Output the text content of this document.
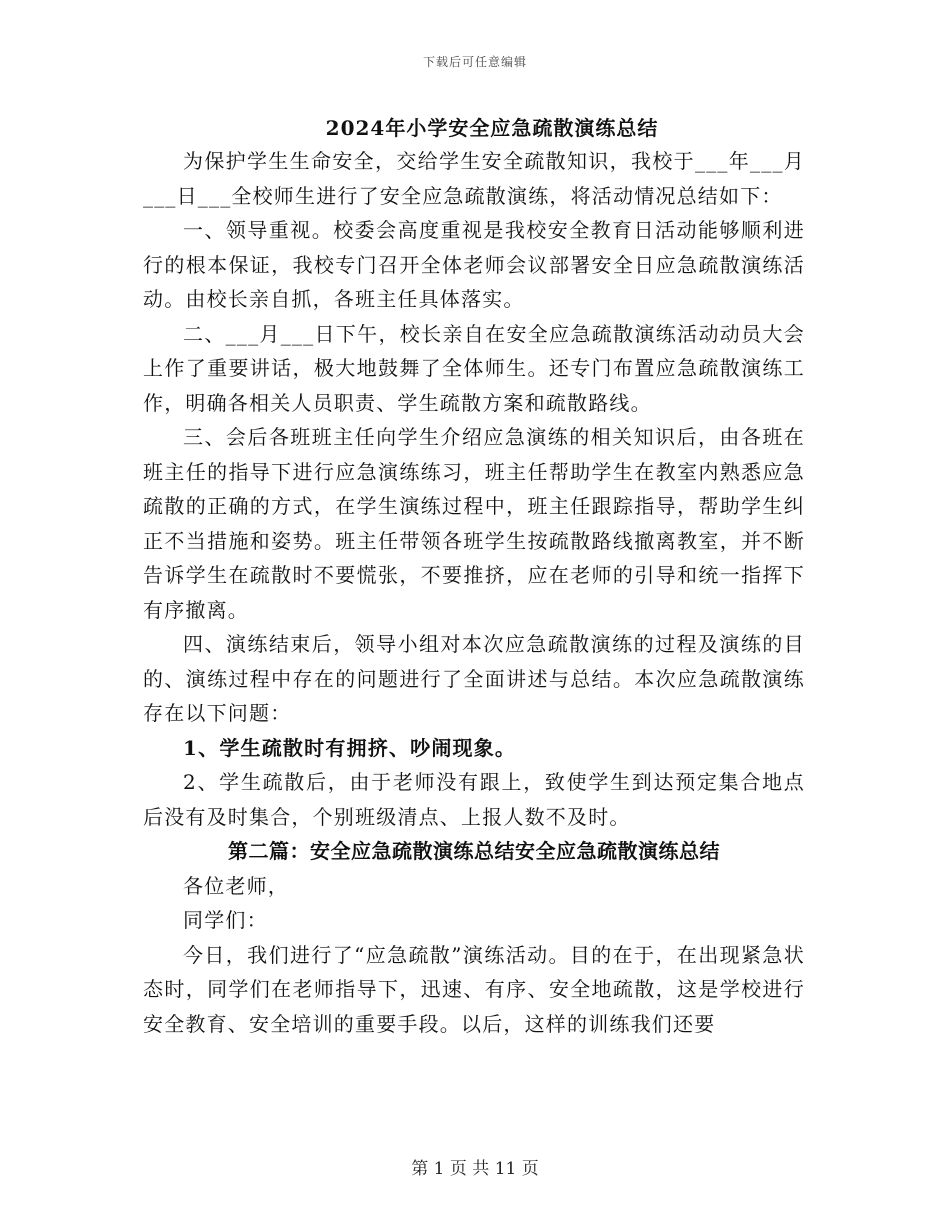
下载后可任意编辑
2024年小学安全应急疏散演练总结

为保护学生生命安全，交给学生安全疏散知识，我校于___年___月___日___全校师生进行了安全应急疏散演练，将活动情况总结如下：

一、领导重视。校委会高度重视是我校安全教育日活动能够顺利进行的根本保证，我校专门召开全体老师会议部署安全日应急疏散演练活动。由校长亲自抓，各班主任具体落实。

二、___月___日下午，校长亲自在安全应急疏散演练活动动员大会上作了重要讲话，极大地鼓舞了全体师生。还专门布置应急疏散演练工作，明确各相关人员职责、学生疏散方案和疏散路线。

三、会后各班班主任向学生介绍应急演练的相关知识后，由各班在班主任的指导下进行应急演练练习，班主任帮助学生在教室内熟悉应急疏散的正确的方式，在学生演练过程中，班主任跟踪指导，帮助学生纠正不当措施和姿势。班主任带领各班学生按疏散路线撤离教室，并不断告诉学生在疏散时不要慌张，不要推挤，应在老师的引导和统一指挥下有序撤离。

四、演练结束后，领导小组对本次应急疏散演练的过程及演练的目的、演练过程中存在的问题进行了全面讲述与总结。本次应急疏散演练存在以下问题：

1、学生疏散时有拥挤、吵闹现象。

2、学生疏散后，由于老师没有跟上，致使学生到达预定集合地点后没有及时集合，个别班级清点、上报人数不及时。

第二篇：安全应急疏散演练总结安全应急疏散演练总结

各位老师，

同学们：

今日，我们进行了“应急疏散”演练活动。目的在于，在出现紧急状态时，同学们在老师指导下，迅速、有序、安全地疏散，这是学校进行安全教育、安全培训的重要手段。以后，这样的训练我们还要

第 1 页 共 11 页
